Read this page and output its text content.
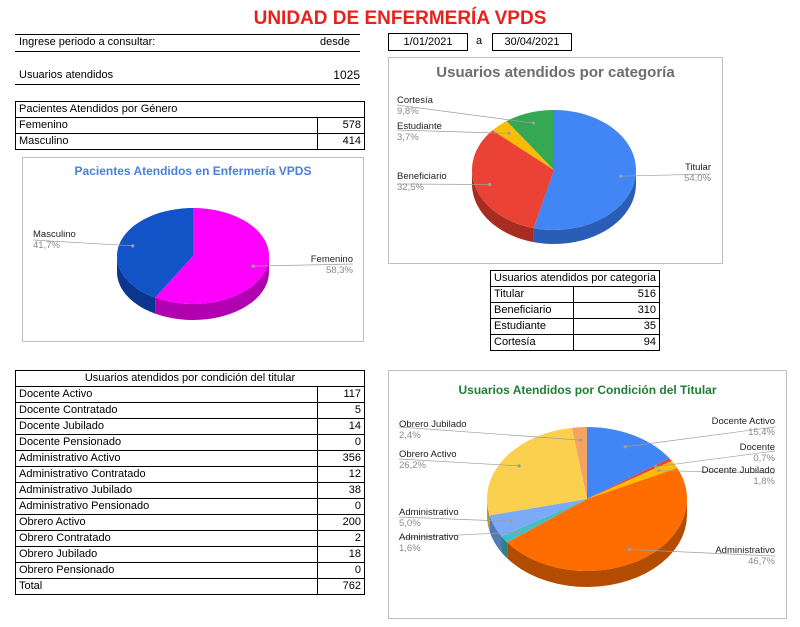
UNIDAD DE ENFERMERÍA VPDS
Ingrese periodo a consultar:	desde	1/01/2021	a	30/04/2021
Usuarios atendidos	1025
Pacientes Atendidos por Género	
Femenino	578
Masculino	414
Pacientes Atendidos en Enfermería VPDS
Femenino
58,3%
Masculino
41,7%
Usuarios atendidos por categoría
Titular
54,0%
Beneficiario
32,5%
Estudiante
3,7%
Cortesía
9,8%
Usuarios atendidos por categoría	
Titular	516
Beneficiario	310
Estudiante	35
Cortesía	94
Usuarios atendidos por condición del titular	
Docente Activo	117
Docente Contratado	5
Docente Jubilado	14
Docente Pensionado	0
Administrativo Activo	356
Administrativo Contratado	12
Administrativo Jubilado	38
Administrativo Pensionado	0
Obrero Activo	200
Obrero Contratado	2
Obrero Jubilado	18
Obrero Pensionado	0
Total	762
Usuarios Atendidos por Condición del Titular
Docente Activo
15,4%
Docente
0,7%
Docente Jubilado
1,8%
Administrativo
46,7%
Administrativo
1,6%
Administrativo
5,0%
Obrero Activo
26,2%
Obrero Jubilado
2,4%
